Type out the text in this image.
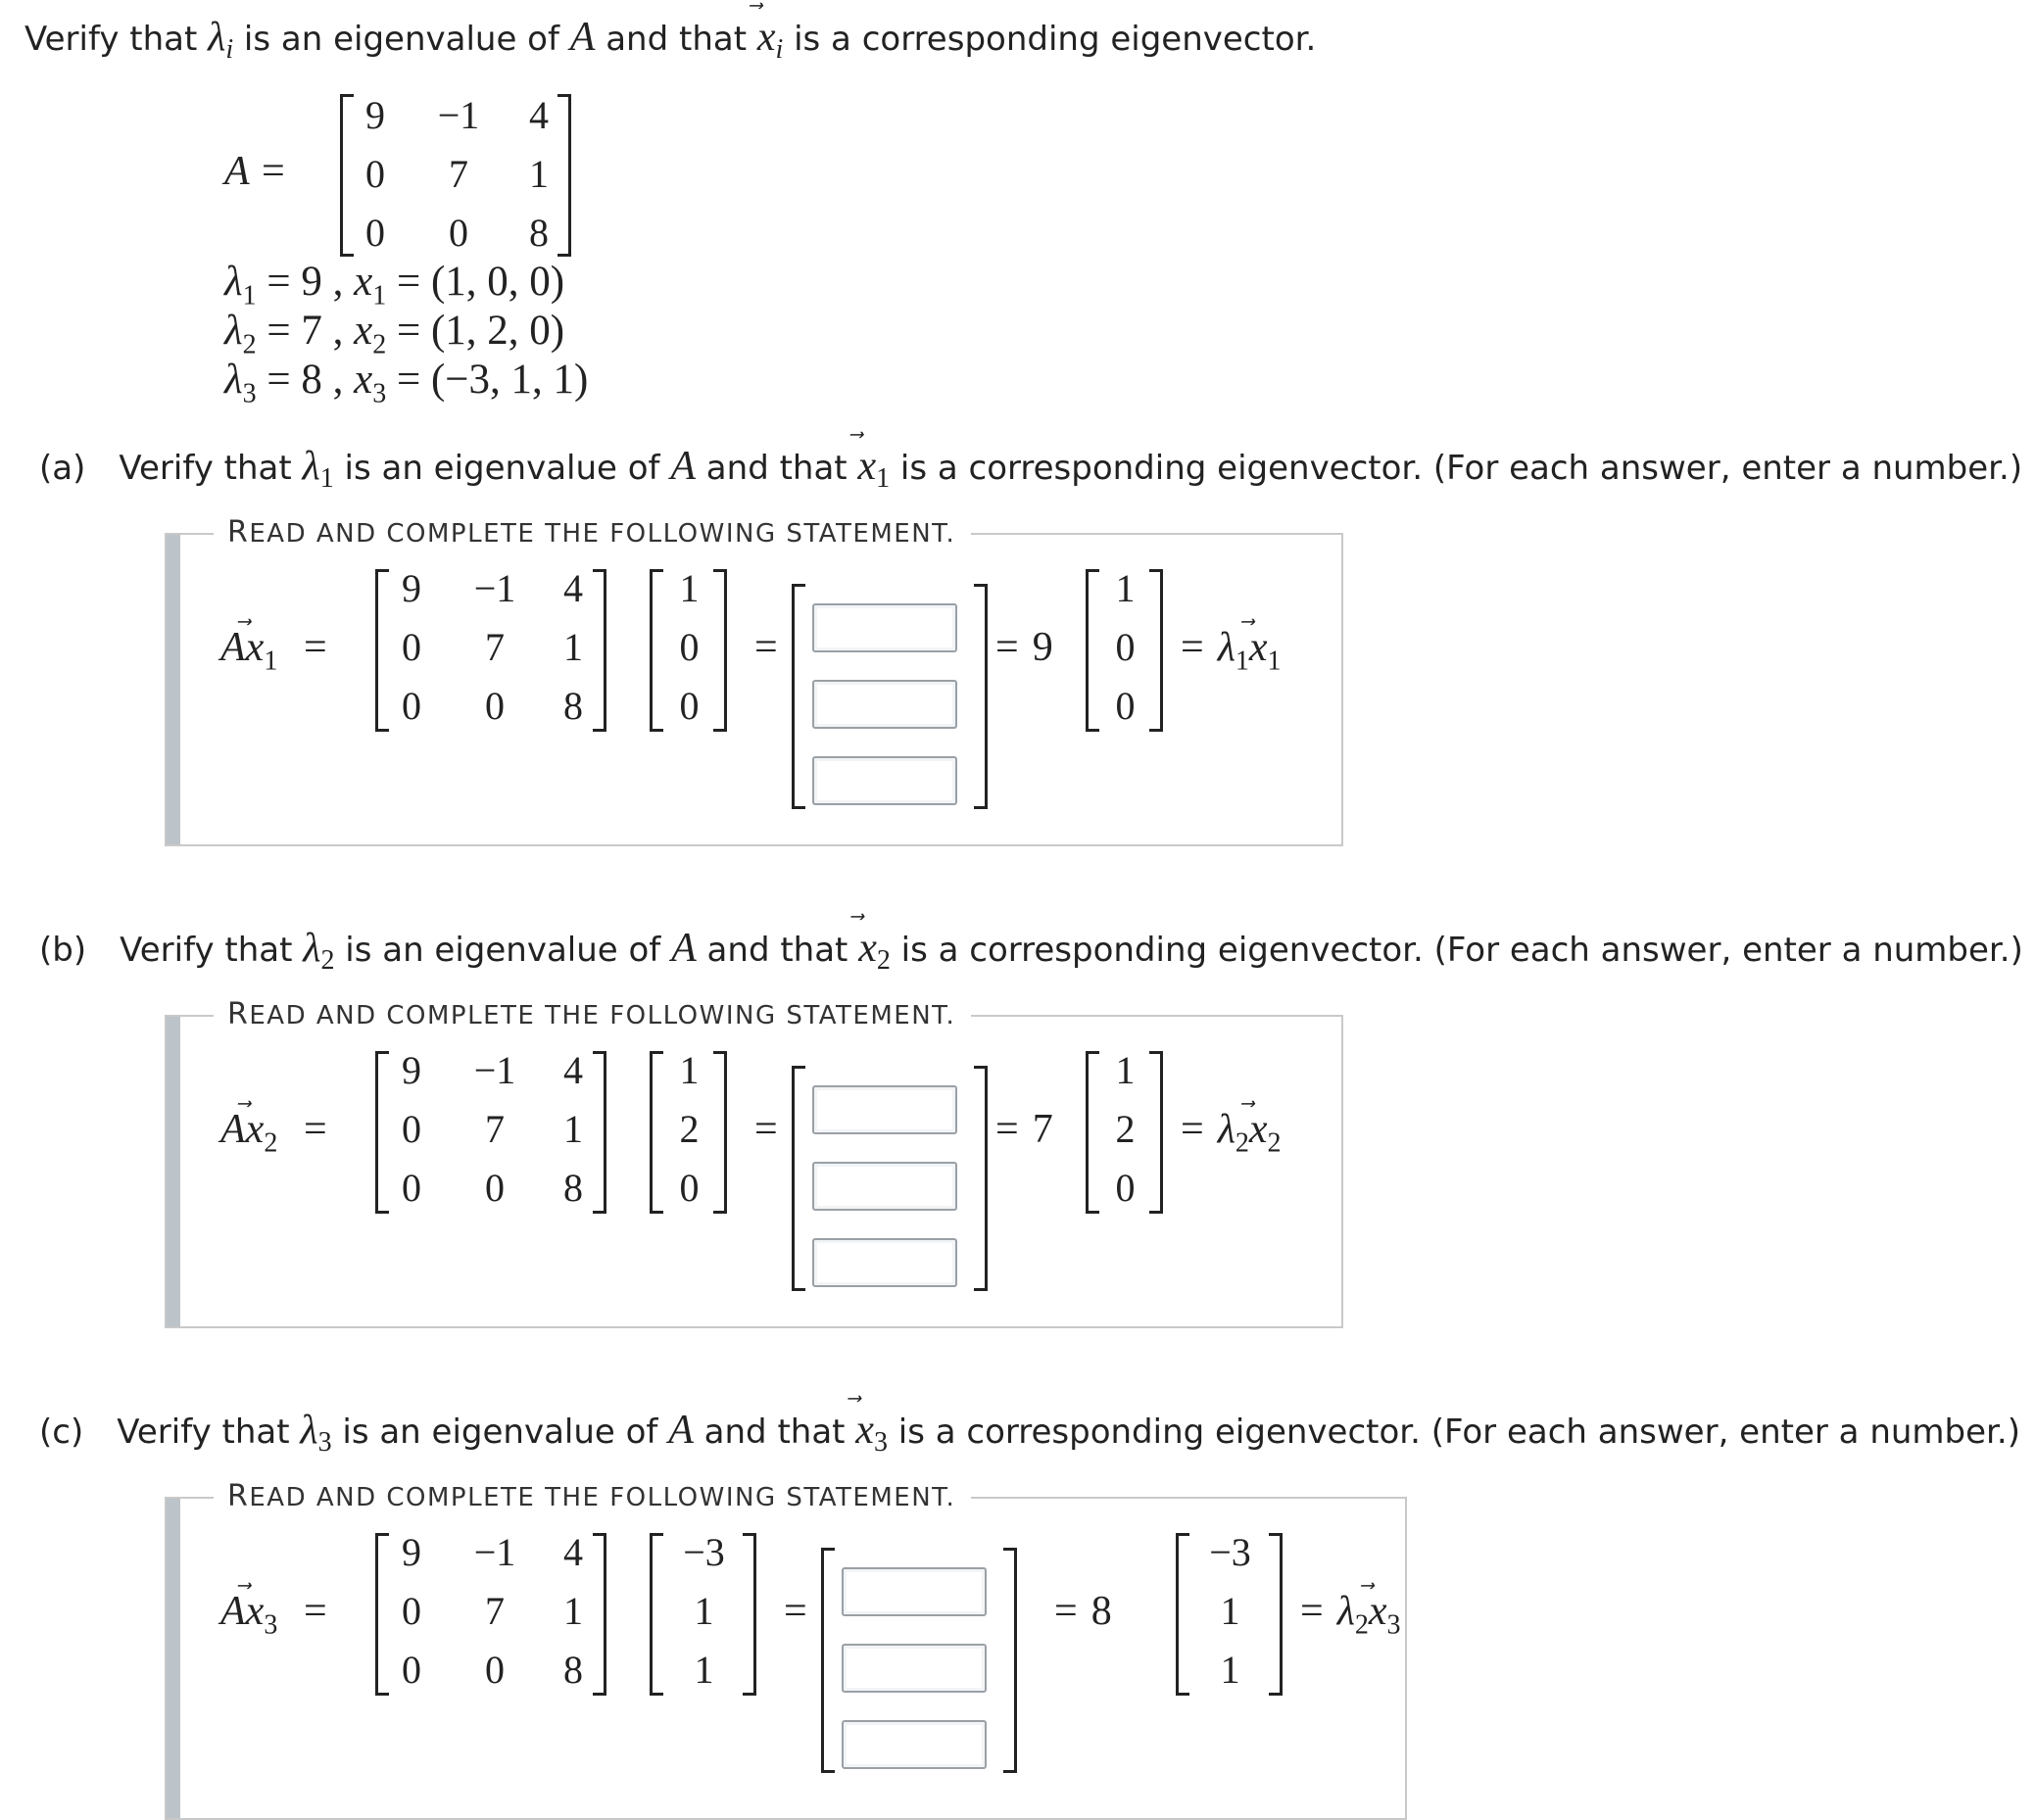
Verify that $\lambda_i$ is an eigenvalue of A and that x
$_i$ is a corresponding eigenvector.
A =
9	−1	4
0	7	1
0	0	8
$\lambda_1 = 9$ , $x_1 = (1$, 0, 0)
$\lambda_2 = 7$ , $x_2 = (1$, 2, 0)
$\lambda_3 = 8$ , $x_3 = (-3$, 1, 1)
(a) Verify that $\lambda_1$ is an eigenvalue of A and that x
$_1$ is a corresponding eigenvector. (For each answer, enter a number.)
READ AND COMPLETE THE FOLLOWING STATEMENT.
Ax
$_1$ =
9	−1	4
0	7	1
0	0	8
1
0
0
=	= 9
1
0
0
= $\lambda_1x$
$_1$
(b) Verify that $\lambda_2$ is an eigenvalue of A and that x
$_2$ is a corresponding eigenvector. (For each answer, enter a number.)
READ AND COMPLETE THE FOLLOWING STATEMENT.
Ax
$_2$ =
9	−1	4
0	7	1
0	0	8
1
2
0
=	= 7
1
2
0
= $\lambda_2x$
$_2$
(c) Verify that $\lambda_3$ is an eigenvalue of A and that x
$_3$ is a corresponding eigenvector. (For each answer, enter a number.)
READ AND COMPLETE THE FOLLOWING STATEMENT.
Ax
$_3$ =
9	−1	4
0	7	1
0	0	8
−3
1
1
=	= 8
−3
1
1
= $\lambda_2x$
$_3$
